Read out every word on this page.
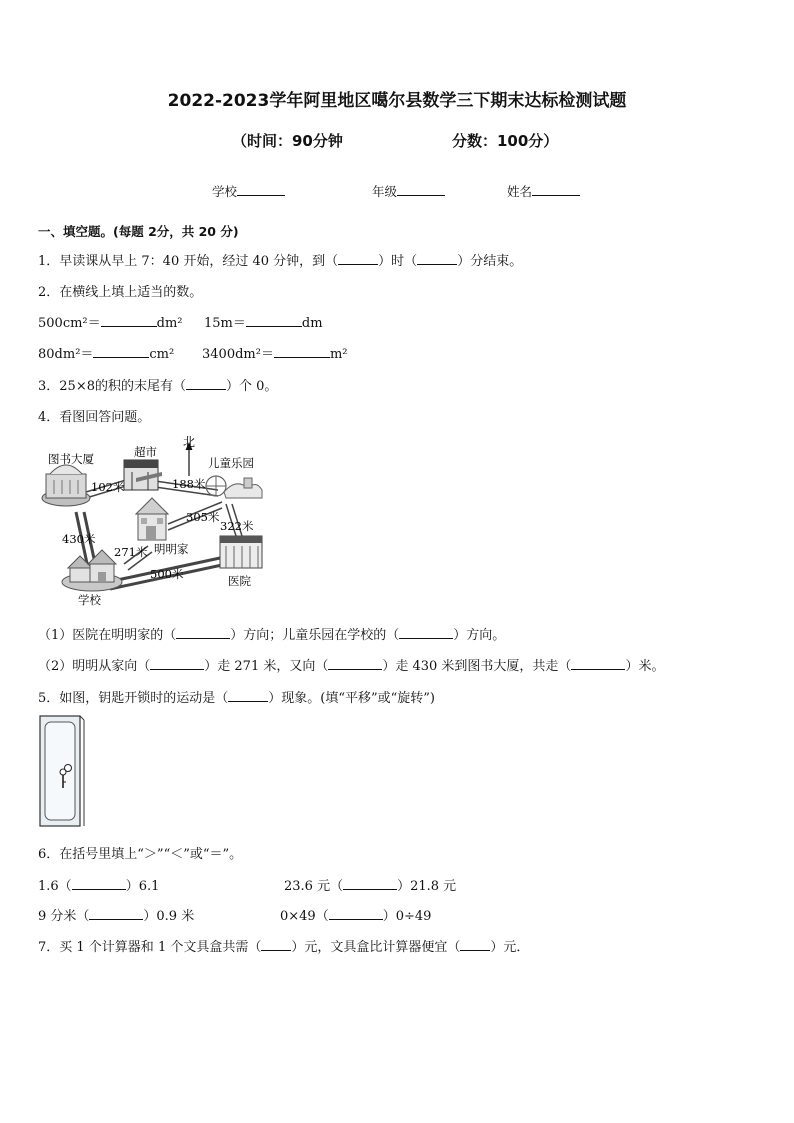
2022-2023学年阿里地区噶尔县数学三下期末达标检测试题
（时间：90分钟	分数：100分）
学校	年级	姓名
一、填空题。(每题 2分，共 20 分)
1．早读课从早上 7：40 开始，经过 40 分钟，到（	）时（	）分结束。
2．在横线上填上适当的数。
500cm²＝	dm² 15m＝	dm
80dm²＝	cm² 3400dm²＝	m²
3．25×8的积的末尾有（	）个 0。
4．看图回答问题。
北
图书大厦	超市
儿童乐园
明明家
医院
学校
102米	188米
305米
322米
430米
271米
500米
（1）医院在明明家的（	）方向；儿童乐园在学校的（	）方向。
（2）明明从家向（	）走 271 米，又向（	）走 430 米到图书大厦，共走（	）米。
5．如图，钥匙开锁时的运动是（	）现象。(填“平移”或“旋转”)
6．在括号里填上“＞”“＜”或“＝”。
1.6（	）6.1	23.6 元（	）21.8 元
9 分米（	）0.9 米	0×49（	）0÷49
7．买 1 个计算器和 1 个文具盒共需（ ）元，文具盒比计算器便宜（ ）元．
